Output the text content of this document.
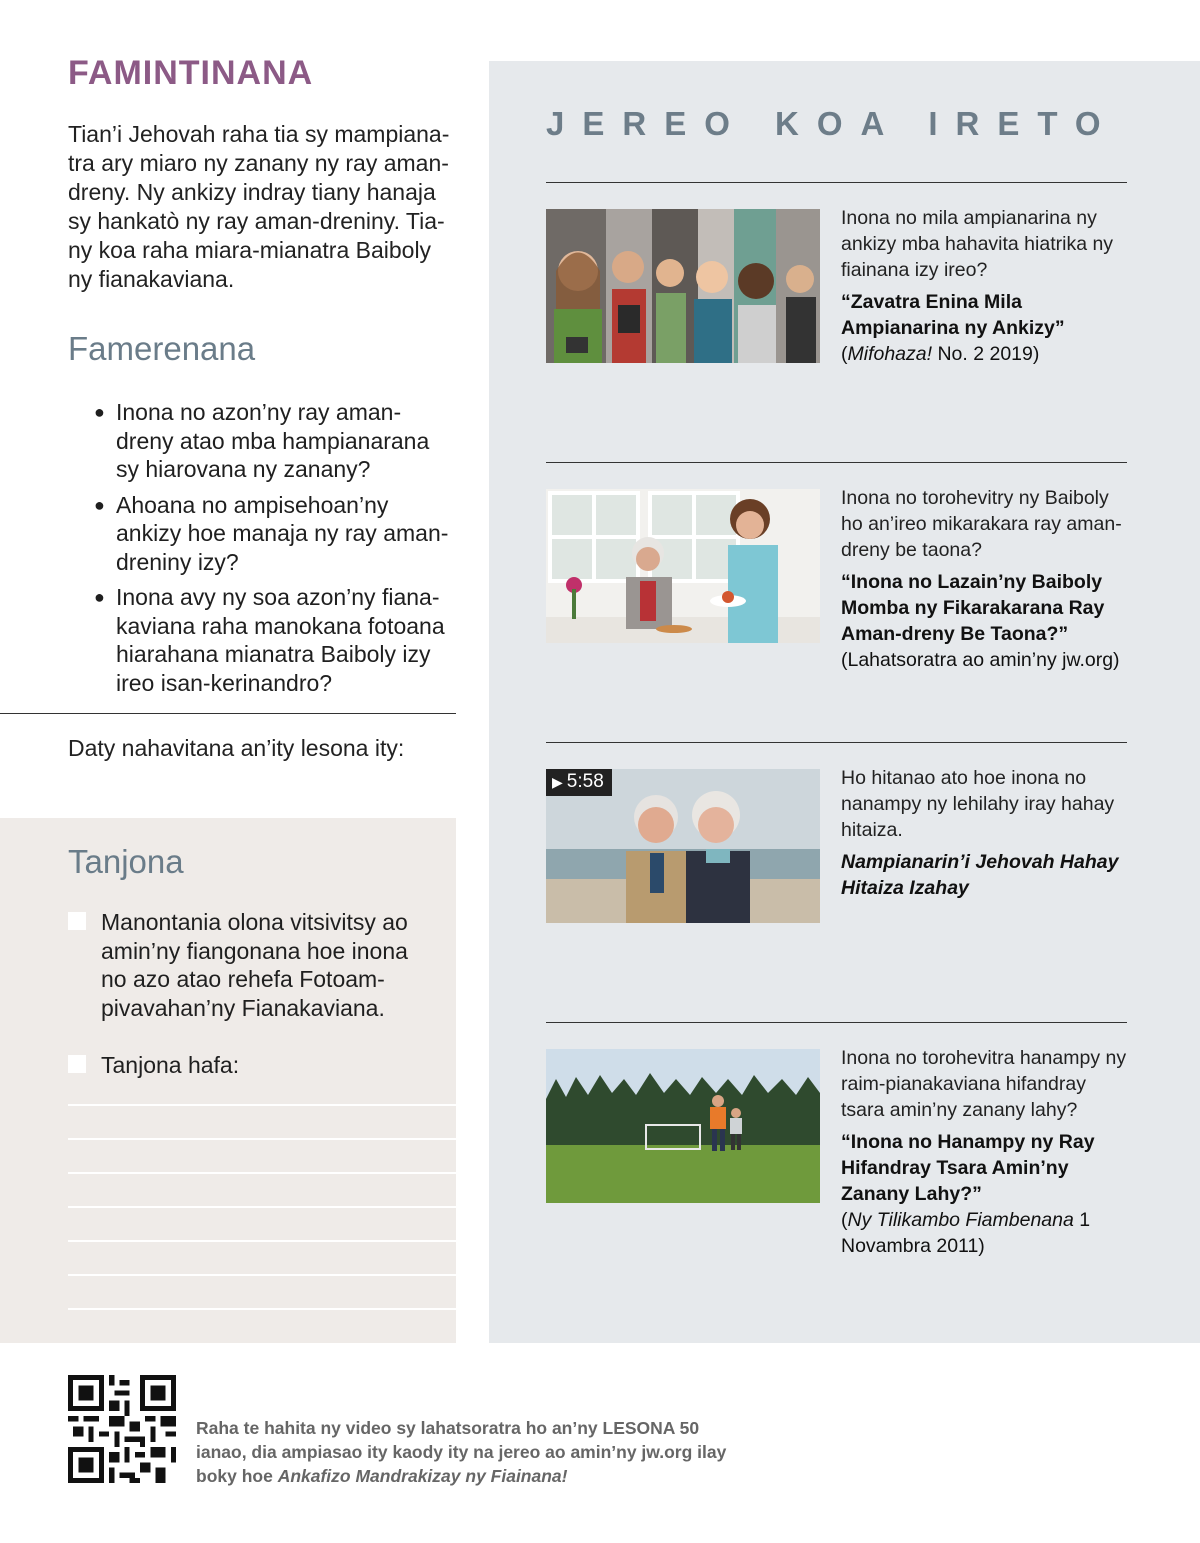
FAMINTINANA

Tian’i Jehovah raha tia sy mampiana-tra ary miaro ny zanany ny ray aman-dreny. Ny ankizy indray tiany hanaja sy hankatò ny ray aman-dreniny. Tia-ny koa raha miara-mianatra Baiboly ny fianakaviana.

Famerenana
● Inona no azon’ny ray aman-dreny atao mba hampianarana sy hiarovana ny zanany?
● Ahoana no ampisehoan’ny ankizy hoe manaja ny ray aman-dreniny izy?
● Inona avy ny soa azon’ny fiana-kaviana raha manokana fotoana hiarahana mianatra Baiboly izy ireo isan-kerinandro?

Daty nahavitana an’ity lesona ity:

Tanjona
Manontania olona vitsivitsy ao amin’ny fiangonana hoe inona no azo atao rehefa Fotoam-pivavahan’ny Fianakaviana.
Tanjona hafa:
JEREO KOA IRETO

Inona no mila ampianarina ny ankizy mba hahavita hiatrika ny fiainana izy ireo?

“Zavatra Enina Mila Ampianarina ny Ankizy”

(Mifohaza! No. 2 2019)

Inona no torohevitry ny Baiboly ho an’ireo mikarakara ray aman-dreny be taona?

“Inona no Lazain’ny Baiboly Momba ny Fikarakarana Ray Aman-dreny Be Taona?”

(Lahatsoratra ao amin’ny jw.org)

▶ 5:58	Ho hitanao ato hoe inona no nanampy ny lehilahy iray hahay hitaiza.

Nampianarin’i Jehovah Hahay Hitaiza Izahay

Inona no torohevitra hanampy ny raim-pianakaviana hifandray tsara amin’ny zanany lahy?

“Inona no Hanampy ny Ray Hifandray Tsara Amin’ny Zanany Lahy?”

(Ny Tilikambo Fiambenana 1 Novambra 2011)

Raha te hahita ny video sy lahatsoratra ho an’ny LESONA 50 ianao, dia ampiasao ity kaody ity na jereo ao amin’ny jw.org ilay boky hoe Ankafizo Mandrakizay ny Fiainana!
